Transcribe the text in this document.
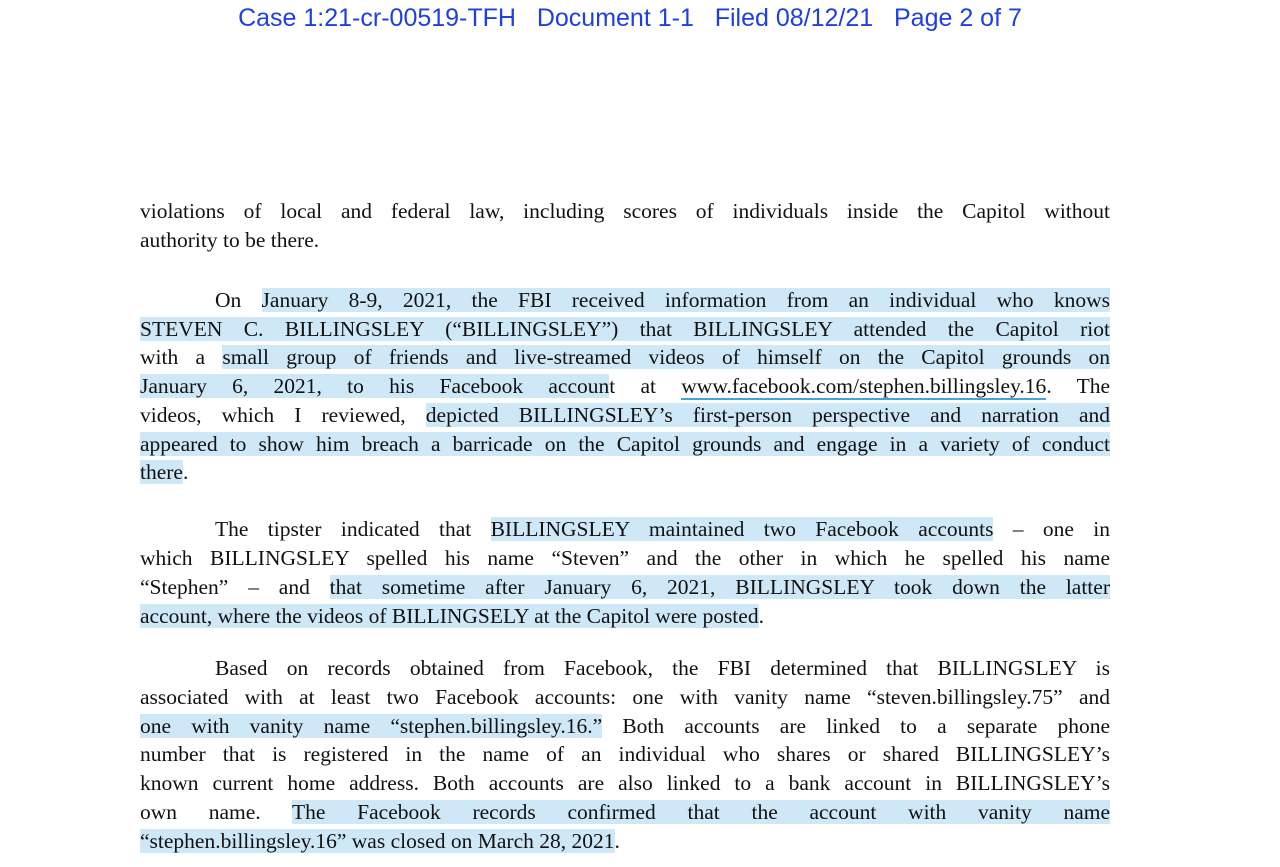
Case 1:21-cr-00519-TFH Document 1-1 Filed 08/12/21 Page 2 of 7
violations of local and federal law, including scores of individuals inside the Capitol without
authority to be there.
On January 8-9, 2021, the FBI received information from an individual who knows
STEVEN C. BILLINGSLEY (“BILLINGSLEY”) that BILLINGSLEY attended the Capitol riot
with a small group of friends and live-streamed videos of himself on the Capitol grounds on
January 6, 2021, to his Facebook account at www.facebook.com/stephen.billingsley.16. The
videos, which I reviewed, depicted BILLINGSLEY’s first-person perspective and narration and
appeared to show him breach a barricade on the Capitol grounds and engage in a variety of conduct
there.
The tipster indicated that BILLINGSLEY maintained two Facebook accounts – one in
which BILLINGSLEY spelled his name “Steven” and the other in which he spelled his name
“Stephen” – and that sometime after January 6, 2021, BILLINGSLEY took down the latter
account, where the videos of BILLINGSELY at the Capitol were posted.
Based on records obtained from Facebook, the FBI determined that BILLINGSLEY is
associated with at least two Facebook accounts: one with vanity name “steven.billingsley.75” and
one with vanity name “stephen.billingsley.16.” Both accounts are linked to a separate phone
number that is registered in the name of an individual who shares or shared BILLINGSLEY’s
known current home address. Both accounts are also linked to a bank account in BILLINGSLEY’s
own name. The Facebook records confirmed that the account with vanity name
“stephen.billingsley.16” was closed on March 28, 2021.
